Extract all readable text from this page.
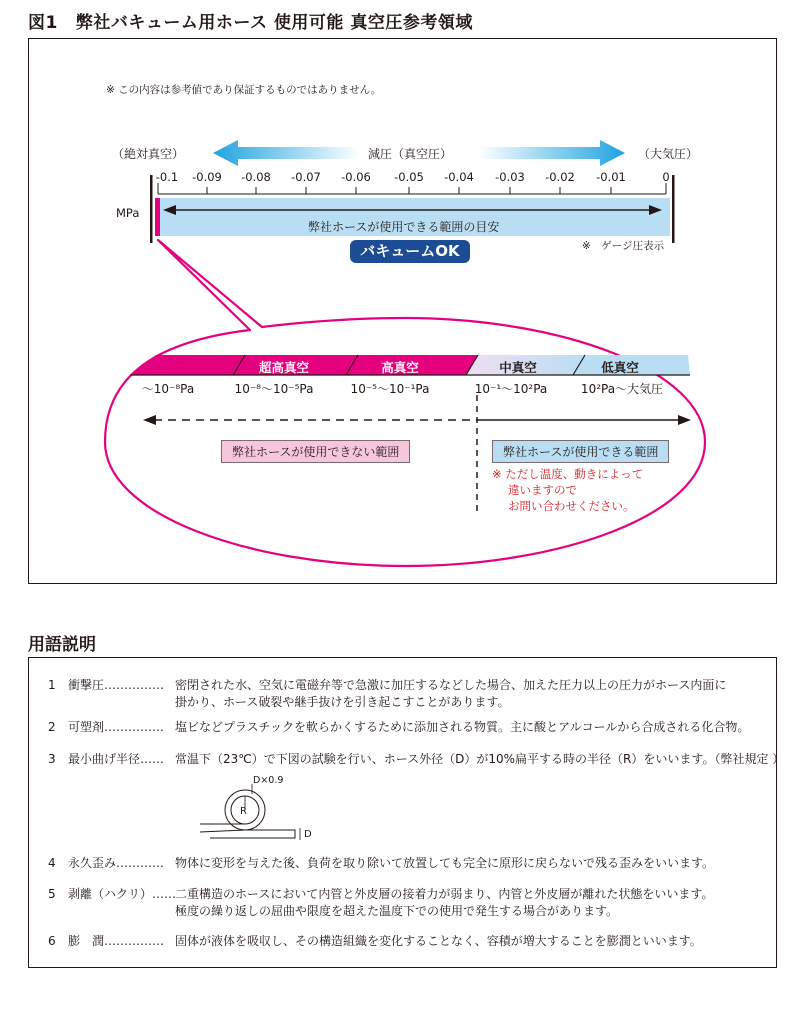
図1 弊社バキューム用ホース 使用可能 真空圧参考領域
※ この内容は参考値であり保証するものではありません。
（絶対真空）	（大気圧）
減圧（真空圧）
-0.1 -0.09 -0.08 -0.07 -0.06 -0.05 -0.04 -0.03 -0.02 -0.01	0
MPa
弊社ホースが使用できる範囲の目安
※　ゲージ圧表示
バキュームOK
超高真空	高真空	中真空	低真空
〜10⁻⁸Pa	10⁻⁸〜10⁻⁵Pa	10⁻⁵〜10⁻¹Pa	10⁻¹〜10²Pa	10²Pa〜大気圧
弊社ホースが使用できない範囲	弊社ホースが使用できる範囲
※ ただし温度、動きによって
違いますので
お問い合わせください。
用語説明
1 衝撃圧…………… 密閉された水、空気に電磁弁等で急激に加圧するなどした場合、加えた圧力以上の圧力がホース内面に
掛かり、ホース破裂や継手抜けを引き起こすことがあります。
2 可塑剤…………… 塩ビなどプラスチックを軟らかくするために添加される物質。主に酸とアルコールから合成される化合物。
3 最小曲げ半径…… 常温下（23℃）で下図の試験を行い、ホース外径（D）が10%扁平する時の半径（R）をいいます。（弊社規定 ）
D×0.9
R
D
4 永久歪み………… 物体に変形を与えた後、負荷を取り除いて放置しても完全に原形に戻らないで残る歪みをいいます。
5 剥離（ハクリ）……
二重構造のホースにおいて内管と外皮層の接着力が弱まり、内管と外皮層が離れた状態をいいます。
極度の繰り返しの屈曲や限度を超えた温度下での使用で発生する場合があります。
6 膨　潤…………… 固体が液体を吸収し、その構造組織を変化することなく、容積が増大することを膨潤といいます。
